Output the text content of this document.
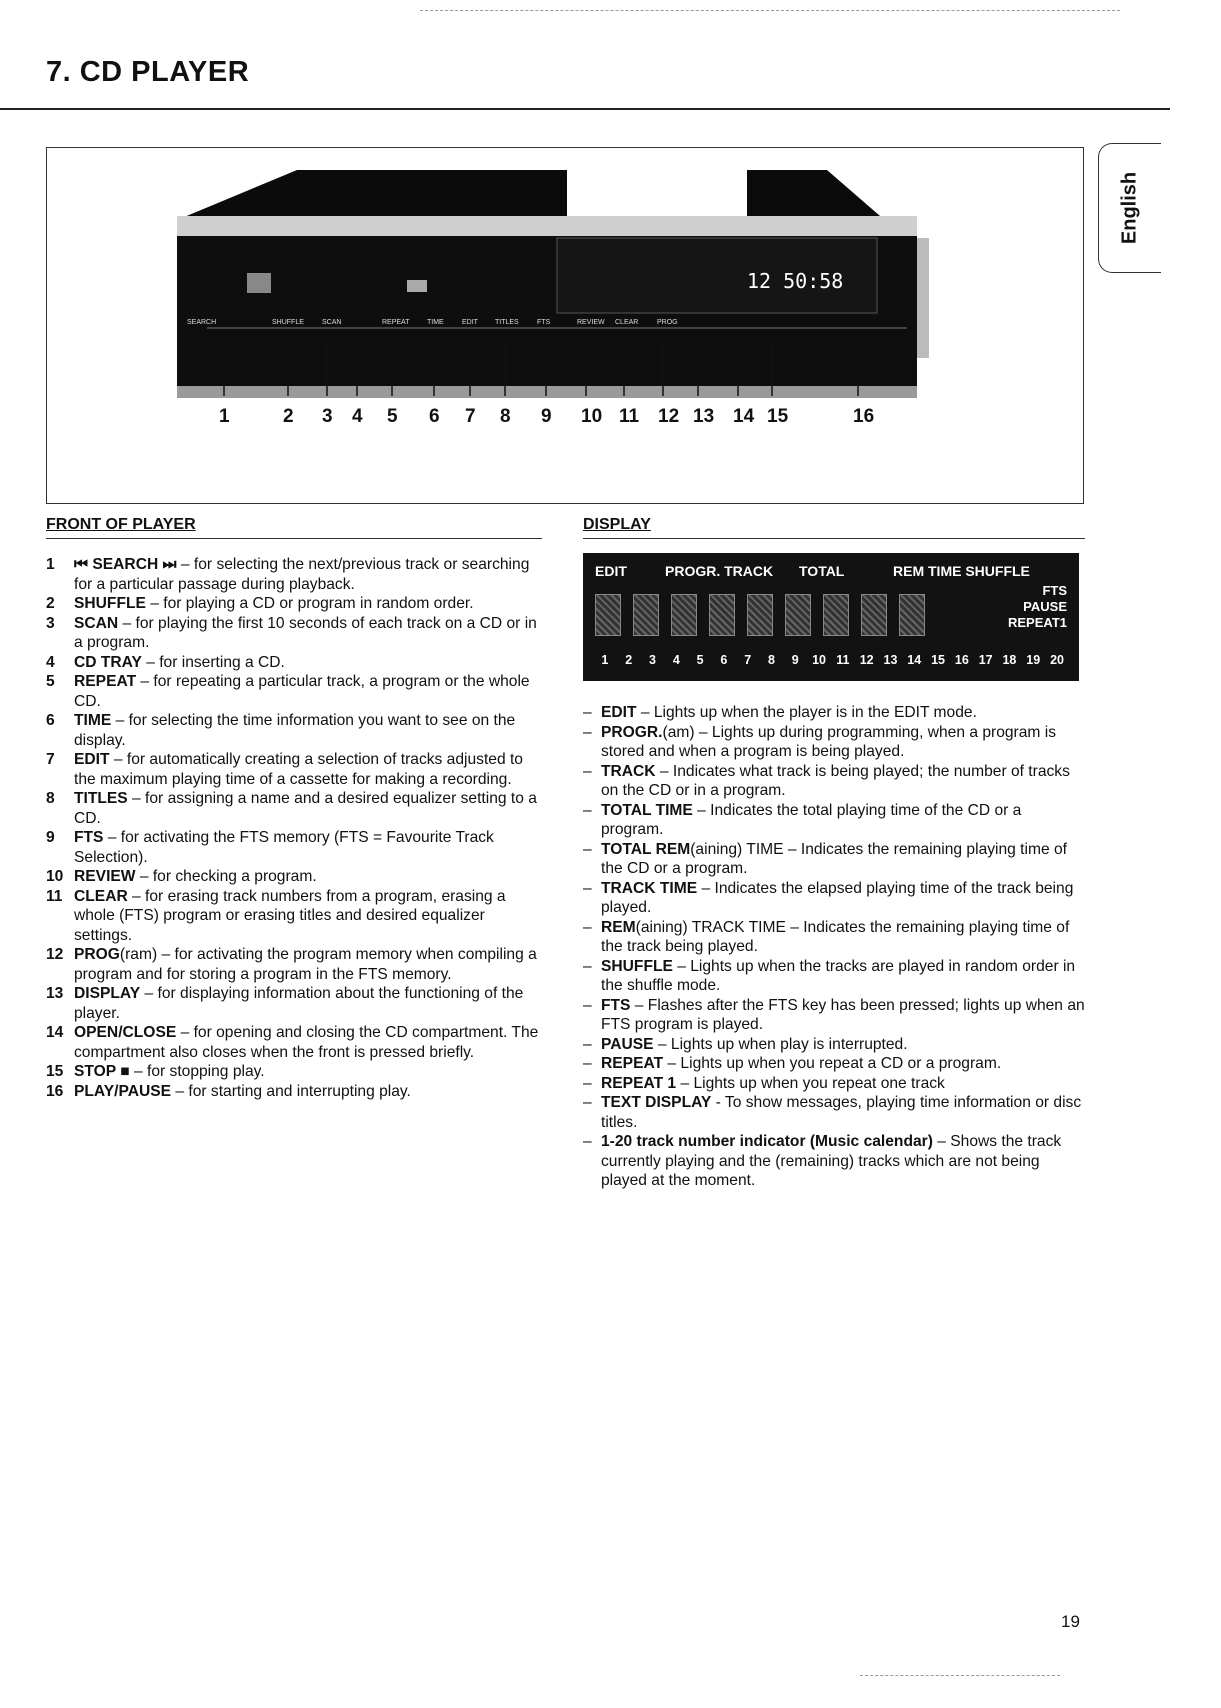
7. CD PLAYER
English
12 50:58
SEARCH	SHUFFLE	SCAN	REPEAT	TIME	EDIT TITLES	FTS	REVIEW CLEAR	PROG
1	2 3 4 5 6 7 8 9 10 11 12 13 14 15	16
FRONT OF PLAYER
1	⏮ SEARCH ⏭ – for selecting the next/previous track or searching for a particular passage during playback.
2	SHUFFLE – for playing a CD or program in random order.
3	SCAN – for playing the first 10 seconds of each track on a CD or in a program.
4	CD TRAY – for inserting a CD.
5	REPEAT – for repeating a particular track, a program or the whole CD.
6	TIME – for selecting the time information you want to see on the display.
7	EDIT – for automatically creating a selection of tracks adjusted to the maximum playing time of a cassette for making a recording.
8	TITLES – for assigning a name and a desired equalizer setting to a CD.
9	FTS – for activating the FTS memory (FTS = Favourite Track Selection).
10 REVIEW – for checking a program.
11 CLEAR – for erasing track numbers from a program, erasing a whole (FTS) program or erasing titles and desired equalizer settings.
12 PROG(ram) – for activating the program memory when compiling a program and for storing a program in the FTS memory.
13 DISPLAY – for displaying information about the functioning of the player.
14 OPEN/CLOSE – for opening and closing the CD compartment. The compartment also closes when the front is pressed briefly.
15 STOP ■ – for stopping play.
16 PLAY/PAUSE – for starting and interrupting play.
DISPLAY
EDIT	PROGR. TRACK TOTAL	REM TIME SHUFFLE
FTS
PAUSE
REPEAT1
1	2	3	4	5	6	7	8	9	10 11 12 13 14 15 16 17 18 19 20
– EDIT – Lights up when the player is in the EDIT mode.
– PROGR.(am) – Lights up during programming, when a program is stored and when a program is being played.
– TRACK – Indicates what track is being played; the number of tracks on the CD or in a program.
– TOTAL TIME – Indicates the total playing time of the CD or a program.
– TOTAL REM(aining) TIME – Indicates the remaining playing time of the CD or a program.
– TRACK TIME – Indicates the elapsed playing time of the track being played.
– REM(aining) TRACK TIME – Indicates the remaining playing time of the track being played.
– SHUFFLE – Lights up when the tracks are played in random order in the shuffle mode.
– FTS – Flashes after the FTS key has been pressed; lights up when an FTS program is played.
– PAUSE – Lights up when play is interrupted.
– REPEAT – Lights up when you repeat a CD or a program.
– REPEAT 1 – Lights up when you repeat one track
– TEXT DISPLAY - To show messages, playing time information or disc titles.
– 1-20 track number indicator (Music calendar) – Shows the track currently playing and the (remaining) tracks which are not being played at the moment.
19
